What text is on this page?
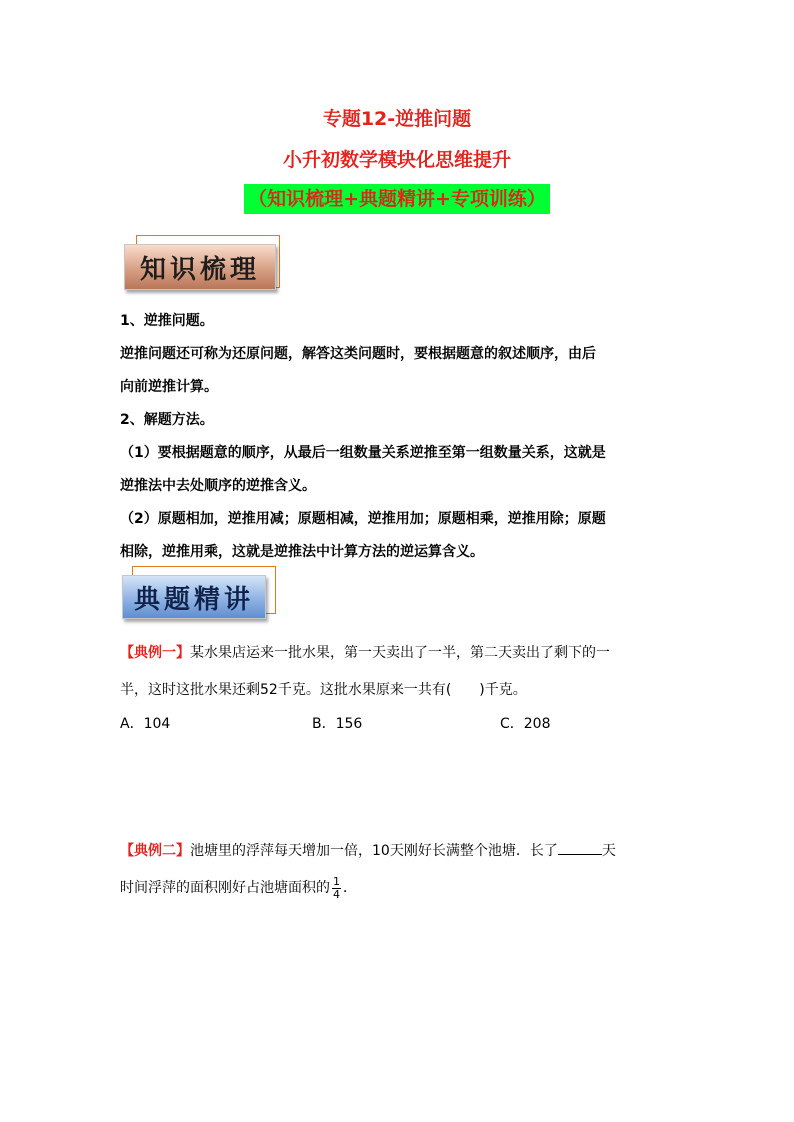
专题12-逆推问题
小升初数学模块化思维提升
（知识梳理+典题精讲+专项训练）
知识梳理
1、逆推问题。
逆推问题还可称为还原问题，解答这类问题时，要根据题意的叙述顺序，由后
向前逆推计算。
2、解题方法。
（1）要根据题意的顺序，从最后一组数量关系逆推至第一组数量关系，这就是
逆推法中去处顺序的逆推含义。
（2）原题相加，逆推用减；原题相减，逆推用加；原题相乘，逆推用除；原题
相除，逆推用乘，这就是逆推法中计算方法的逆运算含义。
典题精讲
【典例一】某水果店运来一批水果，第一天卖出了一半，第二天卖出了剩下的一
半，这时这批水果还剩52千克。这批水果原来一共有( )千克。
A．104	B．156	C．208
【典例二】池塘里的浮萍每天增加一倍，10天刚好长满整个池塘．长了	天
时间浮萍的面积刚好占池塘面积的 $\frac{1}{4}$ ．
